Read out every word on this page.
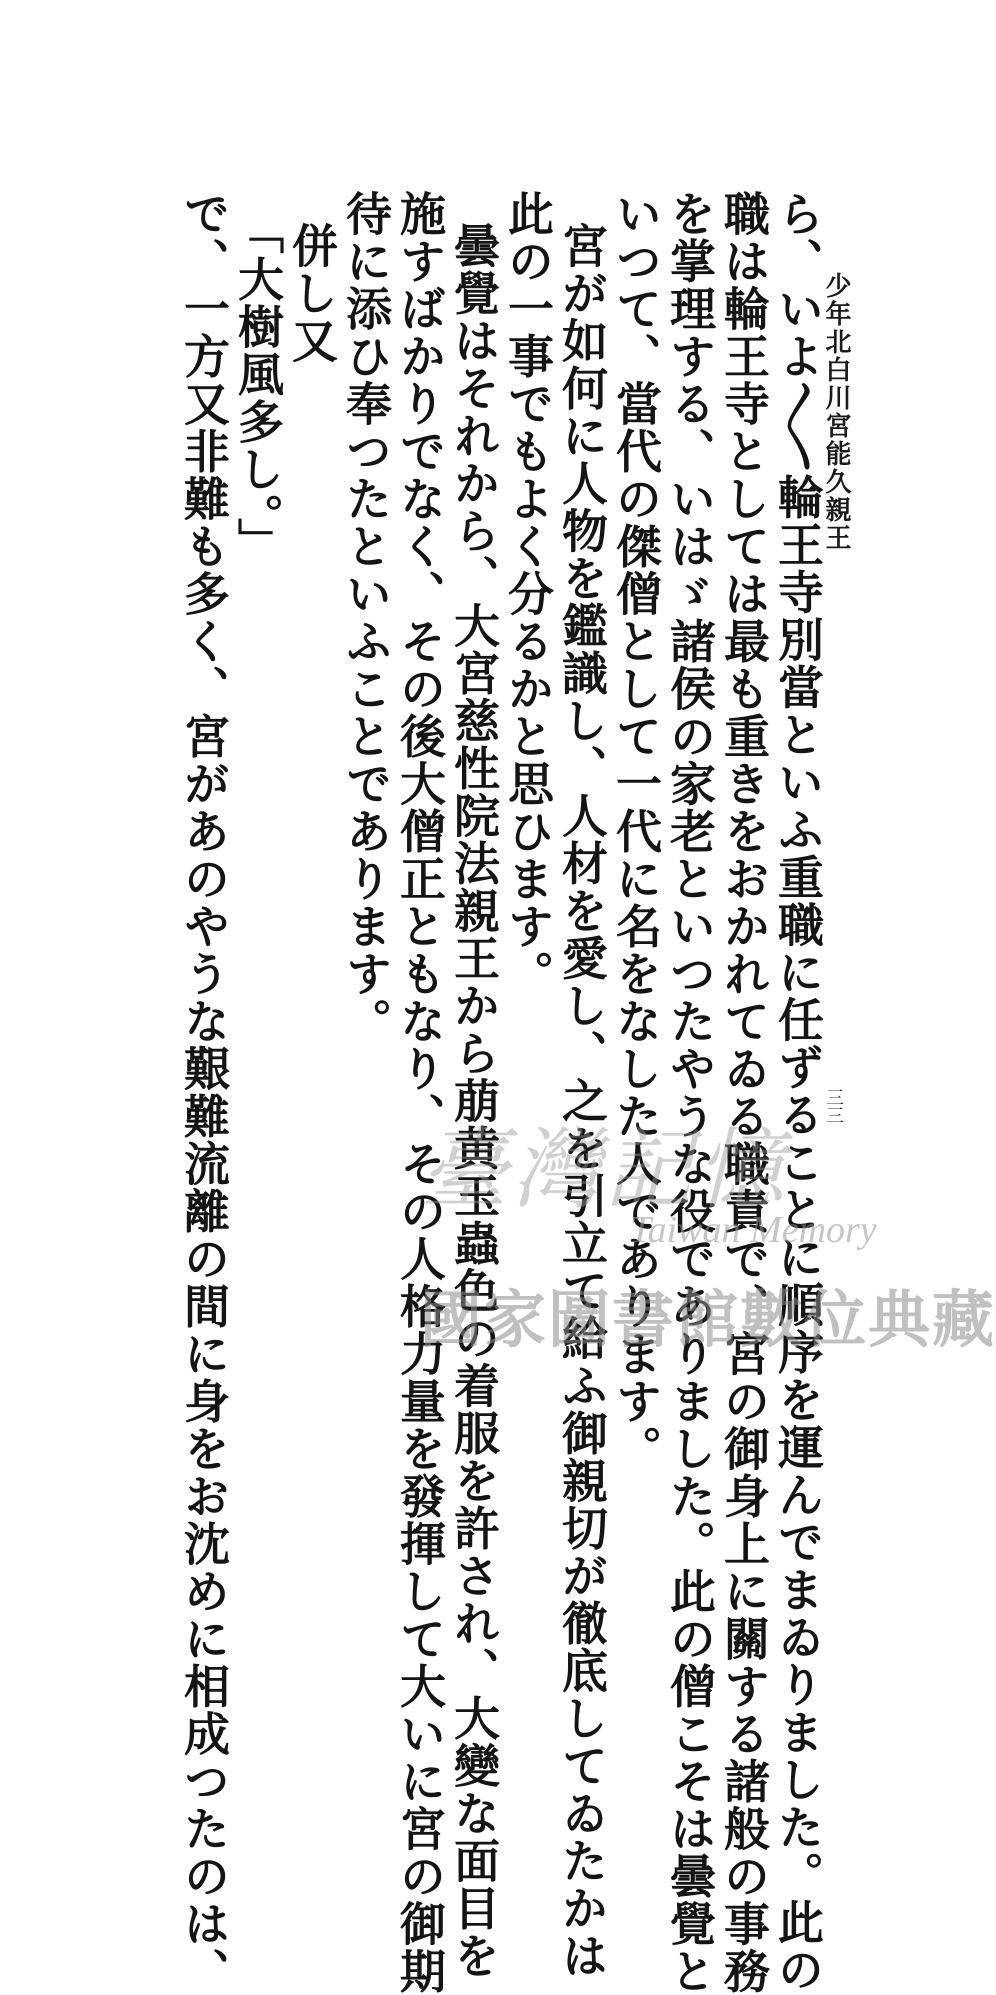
少年北白川宮能久親王
ら、いよ〳〵輪王寺別當といふ重職に任ずることに順序を運んでまゐりました。此の
職は輪王寺としては最も重きをおかれてゐる職責で、宮の御身上に關する諸般の事務
を掌理する、いはゞ諸侯の家老といつたやうな役でありました。此の僧こそは曇覺と
いつて、當代の傑僧として一代に名をなした人であります。
宮が如何に人物を鑑識し、人材を愛し、之を引立て給ふ御親切が徹底してゐたかは
此の一事でもよく分るかと思ひます。
曇覺はそれから、大宮慈性院法親王から萠黄玉蟲色の着服を許され、大變な面目を
施すばかりでなく、その後大僧正ともなり、その人格力量を發揮して大いに宮の御期
待に添ひ奉つたといふことであります。
併し又
「大樹風多し。」
で、一方又非難も多く、宮があのやうな艱難流離の間に身をお沈めに相成つたのは、	三三
臺灣記憶
Taiwan Memory
國家圖書館數位典藏
